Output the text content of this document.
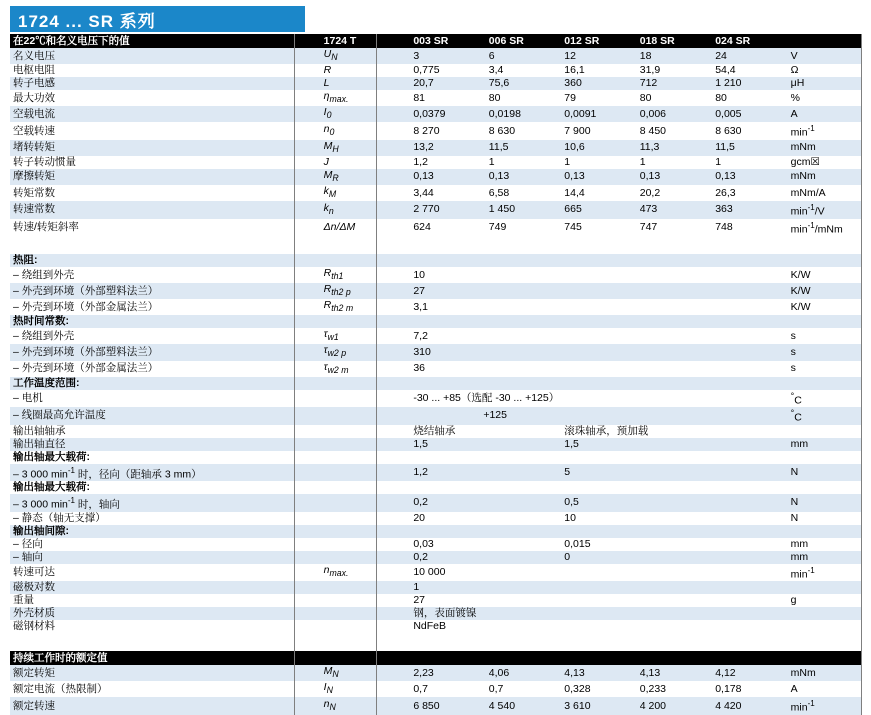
1724 ... SR 系列
在22℃和名义电压下的值	1724 T	003 SR	006 SR	012 SR	018 SR	024 SR	
名义电压	$U_N$	3	6	12	18	24	V
电枢电阻	R	0,775	3,4	16,1	31,9	54,4	Ω
转子电感	L	20,7	75,6	360	712	1 210	μH
最大功效	$\eta_{max.}$	81	80	79	80	80	%
空载电流	$I_0$	0,0379	0,0198	0,0091	0,006	0,005	A
空载转速	$n_0$	8 270	8 630	7 900	8 450	8 630	$\min^{-1}$
堵转转矩	$M_H$	13,2	11,5	10,6	11,3	11,5	mNm
转子转动惯量	J	1,2	1	1	1	1	gcm☒
摩擦转矩	$M_R$	0,13	0,13	0,13	0,13	0,13	mNm
转矩常数	$k_M$	3,44	6,58	14,4	20,2	26,3	mNm/A
转速常数	$k_n$	2 770	1 450	665	473	363	$\min^{-1}/V$
转速/转矩斜率	Δn/ΔM	624	749	745	747	748	$\min^{-1}$/mNm

热阻:							
– 绕组到外壳	$R_{th1}$	10					K/W
– 外壳到环境（外部塑料法兰）	$R_{th2 p}$	27					K/W
– 外壳到环境（外部金属法兰）	$R_{th2 m}$	3,1					K/W
热时间常数:							
– 绕组到外壳	$\tau_{w1}$	7,2					s
– 外壳到环境（外部塑料法兰）	$\tau_{w2 p}$	310					s
– 外壳到环境（外部金属法兰）	$\tau_{w2 m}$	36					s
工作温度范围:							
– 电机		-30 ... +85（选配 -30 ... +125）					°C
– 线圈最高允许温度		+125					°C
输出轴轴承		烧结轴承		滚珠轴承，预加载			
输出轴直径		1,5		1,5			mm
输出轴最大载荷:							
– 3 000 $\min^{-1}$ 时，径向（距轴承 3 mm）		1,2		5			N
输出轴最大载荷:							
– 3 000 $\min^{-1}$ 时，轴向		0,2		0,5			N
– 静态（轴无支撑）		20		10			N
输出轴间隙:							
– 径向		0,03		0,015			mm
– 轴向		0,2		0			mm
转速可达	$n_{max.}$	10 000					$\min^{-1}$
磁极对数		1					
重量		27					g
外壳材质		钢，表面镀镍					
磁钢材料		NdFeB					

持续工作时的额定值							
额定转矩	$M_N$	2,23	4,06	4,13	4,13	4,12	mNm
额定电流（热限制）	$I_N$	0,7	0,7	0,328	0,233	0,178	A
额定转速	$n_N$	6 850	4 540	3 610	4 200	4 420	$\min^{-1}$
